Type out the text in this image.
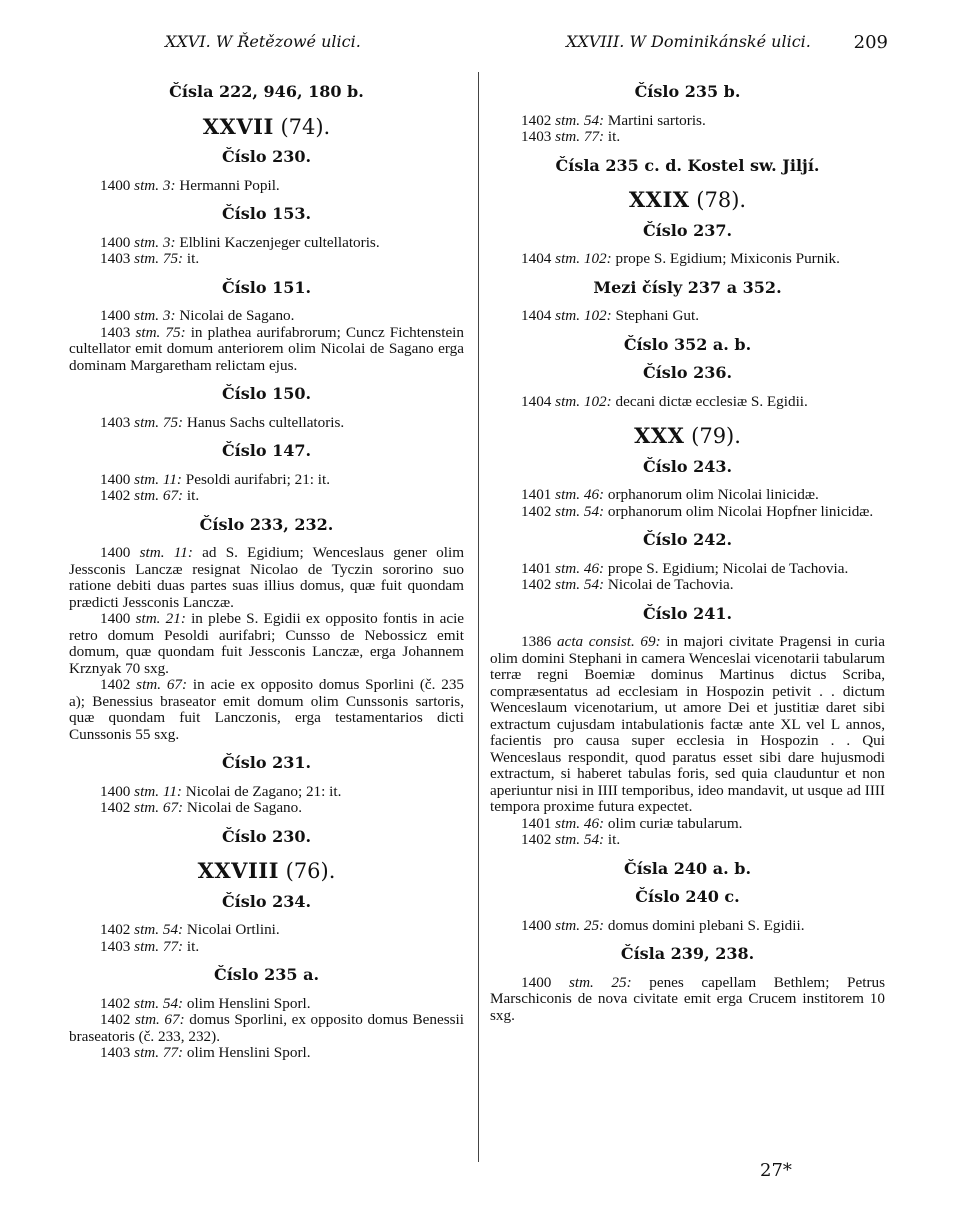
XXVI. W Řetězowé ulici.	XXVIII. W Dominikánské ulici. 209
Čísla 222, 946, 180 b.
XXVII (74).
Číslo 230.

1400 stm. 3: Hermanni Popil.

Číslo 153.

1400 stm. 3: Elblini Kaczenjeger cultellatoris.

1403 stm. 75: it.

Číslo 151.

1400 stm. 3: Nicolai de Sagano.

1403 stm. 75: in plathea aurifabrorum; Cuncz Fichtenstein cultellator emit domum anteriorem olim Nicolai de Sagano erga dominam Margaretham relictam ejus.

Číslo 150.

1403 stm. 75: Hanus Sachs cultellatoris.

Číslo 147.

1400 stm. 11: Pesoldi aurifabri; 21: it.

1402 stm. 67: it.

Číslo 233, 232.

1400 stm. 11: ad S. Egidium; Wenceslaus gener olim Jessconis Lanczæ resignat Nicolao de Tyczin sororino suo ratione debiti duas partes suas illius domus, quæ fuit quondam prædicti Jessconis Lanczæ.

1400 stm. 21: in plebe S. Egidii ex opposito fontis in acie retro domum Pesoldi aurifabri; Cunsso de Nebossicz emit domum, quæ quondam fuit Jessconis Lanczæ, erga Johannem Krznyak 70 sxg.

1402 stm. 67: in acie ex opposito domus Sporlini (č. 235 a); Benessius braseator emit domum olim Cunssonis sartoris, quæ quondam fuit Lanczonis, erga testamentarios dicti Cunssonis 55 sxg.

Číslo 231.

1400 stm. 11: Nicolai de Zagano; 21: it.

1402 stm. 67: Nicolai de Sagano.

Číslo 230.
XXVIII (76).
Číslo 234.

1402 stm. 54: Nicolai Ortlini.

1403 stm. 77: it.

Číslo 235 a.

1402 stm. 54: olim Henslini Sporl.

1402 stm. 67: domus Sporlini, ex opposito domus Benessii braseatoris (č. 233, 232).

1403 stm. 77: olim Henslini Sporl.

Číslo 235 b.

1402 stm. 54: Martini sartoris.

1403 stm. 77: it.

Čísla 235 c. d. Kostel sw. Jiljí.
XXIX (78).
Číslo 237.

1404 stm. 102: prope S. Egidium; Mixiconis Purnik.

Mezi čísly 237 a 352.

1404 stm. 102: Stephani Gut.

Číslo 352 a. b.
Číslo 236.

1404 stm. 102: decani dictæ ecclesiæ S. Egidii.

XXX (79).
Číslo 243.

1401 stm. 46: orphanorum olim Nicolai linicidæ.

1402 stm. 54: orphanorum olim Nicolai Hopfner linicidæ.

Číslo 242.

1401 stm. 46: prope S. Egidium; Nicolai de Tachovia.

1402 stm. 54: Nicolai de Tachovia.

Číslo 241.

1386 acta consist. 69: in majori civitate Pragensi in curia olim domini Stephani in camera Wenceslai vicenotarii tabularum terræ regni Boemiæ dominus Martinus dictus Scriba, compræsentatus ad ecclesiam in Hospozin petivit . . dictum Wenceslaum vicenotarium, ut amore Dei et justitiæ daret sibi extractum cujusdam intabulationis factæ ante XL vel L annos, facientis pro causa super ecclesia in Hospozin . . Qui Wenceslaus respondit, quod paratus esset sibi dare hujusmodi extractum, si haberet tabulas foris, sed quia clauduntur et non aperiuntur nisi in IIII temporibus, ideo mandavit, ut usque ad IIII tempora proxime futura expectet.

1401 stm. 46: olim curiæ tabularum.

1402 stm. 54: it.

Čísla 240 a. b.
Číslo 240 c.

1400 stm. 25: domus domini plebani S. Egidii.

Čísla 239, 238.

1400 stm. 25: penes capellam Bethlem; Petrus Marschiconis de nova civitate emit erga Crucem institorem 10 sxg.

27*
